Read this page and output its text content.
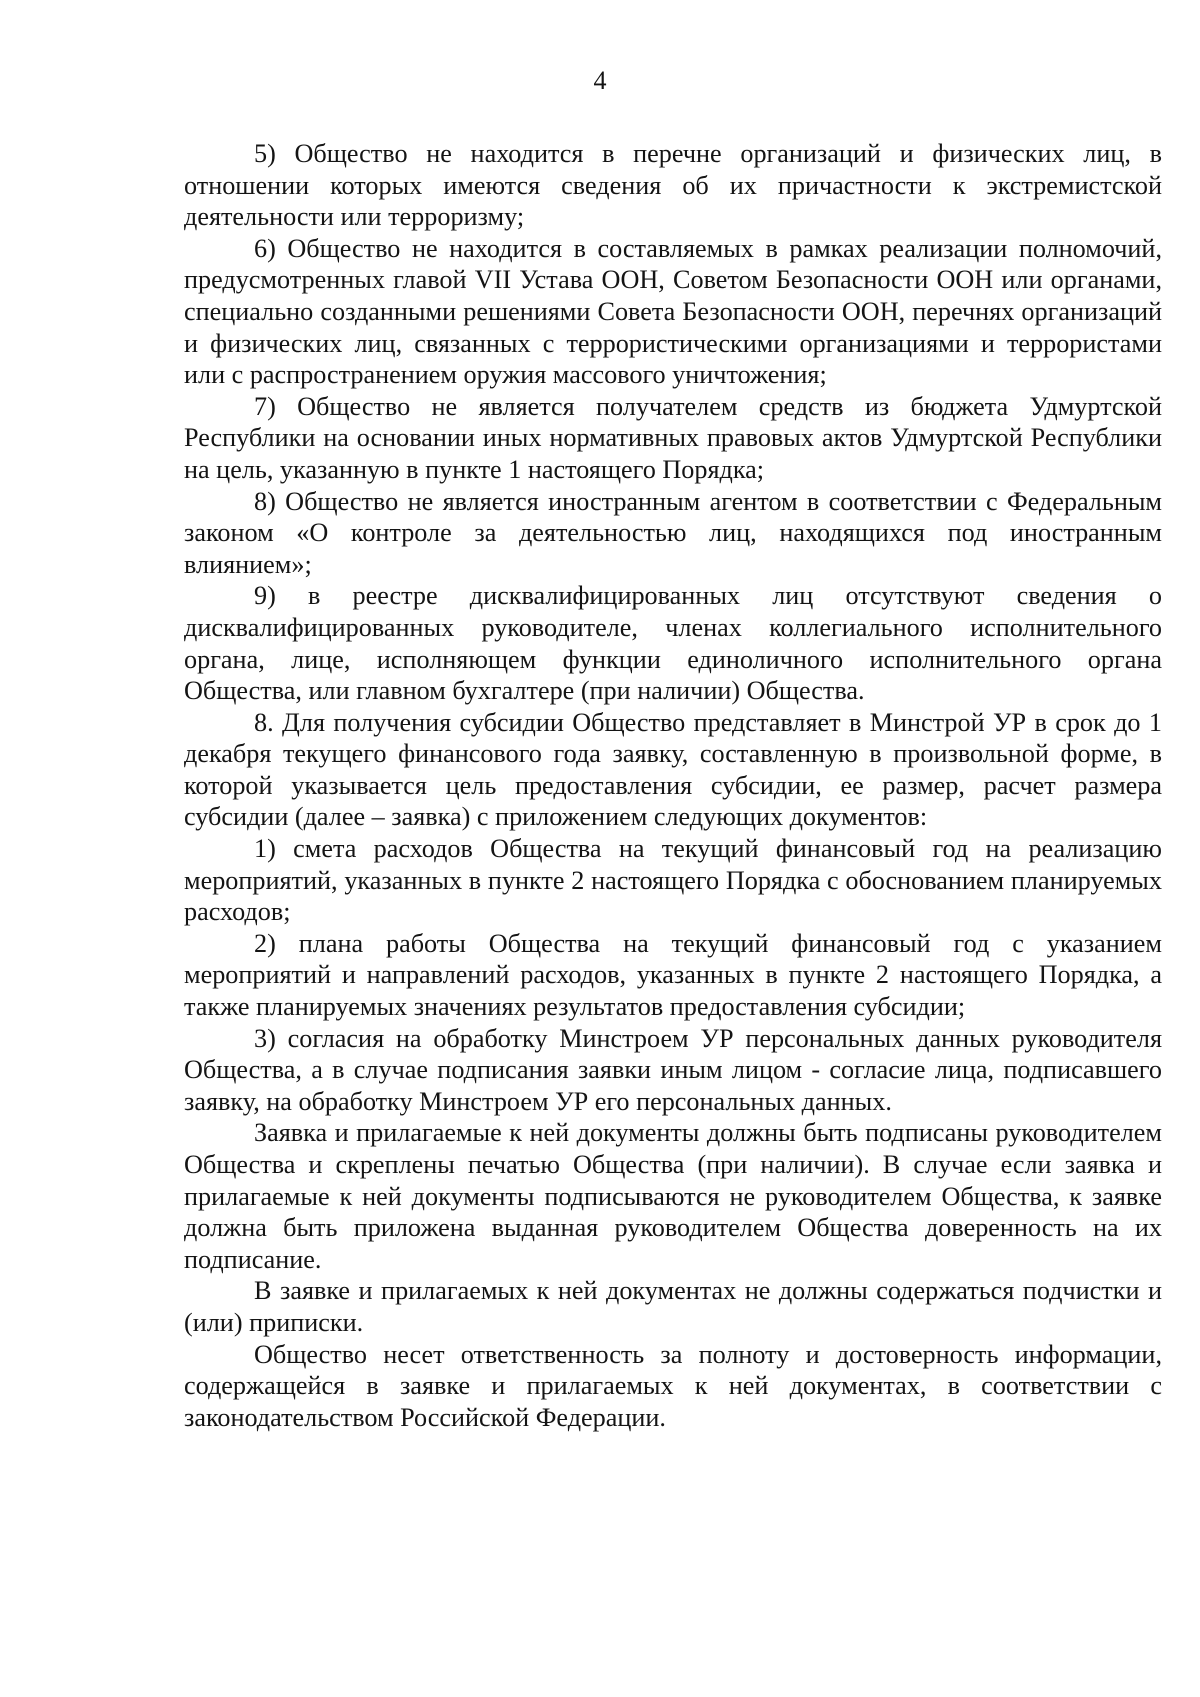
4

5) Общество не находится в перечне организаций и физических лиц, в отношении которых имеются сведения об их причастности к экстремистской деятельности или терроризму;

6) Общество не находится в составляемых в рамках реализации полномочий, предусмотренных главой VII Устава ООН, Советом Безопасности ООН или органами, специально созданными решениями Совета Безопасности ООН, перечнях организаций и физических лиц, связанных с террористическими организациями и террористами или с распространением оружия массового уничтожения;

7) Общество не является получателем средств из бюджета Удмуртской Республики на основании иных нормативных правовых актов Удмуртской Республики на цель, указанную в пункте 1 настоящего Порядка;

8) Общество не является иностранным агентом в соответствии с Федеральным законом «О контроле за деятельностью лиц, находящихся под иностранным влиянием»;

9) в реестре дисквалифицированных лиц отсутствуют сведения о дисквалифицированных руководителе, членах коллегиального исполнительного органа, лице, исполняющем функции единоличного исполнительного органа Общества, или главном бухгалтере (при наличии) Общества.

8. Для получения субсидии Общество представляет в Минстрой УР в срок до 1 декабря текущего финансового года заявку, составленную в произвольной форме, в которой указывается цель предоставления субсидии, ее размер, расчет размера субсидии (далее – заявка) с приложением следующих документов:

1) смета расходов Общества на текущий финансовый год на реализацию мероприятий, указанных в пункте 2 настоящего Порядка с обоснованием планируемых расходов;

2) плана работы Общества на текущий финансовый год с указанием мероприятий и направлений расходов, указанных в пункте 2 настоящего Порядка, а также планируемых значениях результатов предоставления субсидии;

3) согласия на обработку Минстроем УР персональных данных руководителя Общества, а в случае подписания заявки иным лицом - согласие лица, подписавшего заявку, на обработку Минстроем УР его персональных данных.

Заявка и прилагаемые к ней документы должны быть подписаны руководителем Общества и скреплены печатью Общества (при наличии). В случае если заявка и прилагаемые к ней документы подписываются не руководителем Общества, к заявке должна быть приложена выданная руководителем Общества доверенность на их подписание.

В заявке и прилагаемых к ней документах не должны содержаться подчистки и (или) приписки.

Общество несет ответственность за полноту и достоверность информации, содержащейся в заявке и прилагаемых к ней документах, в соответствии с законодательством Российской Федерации.
